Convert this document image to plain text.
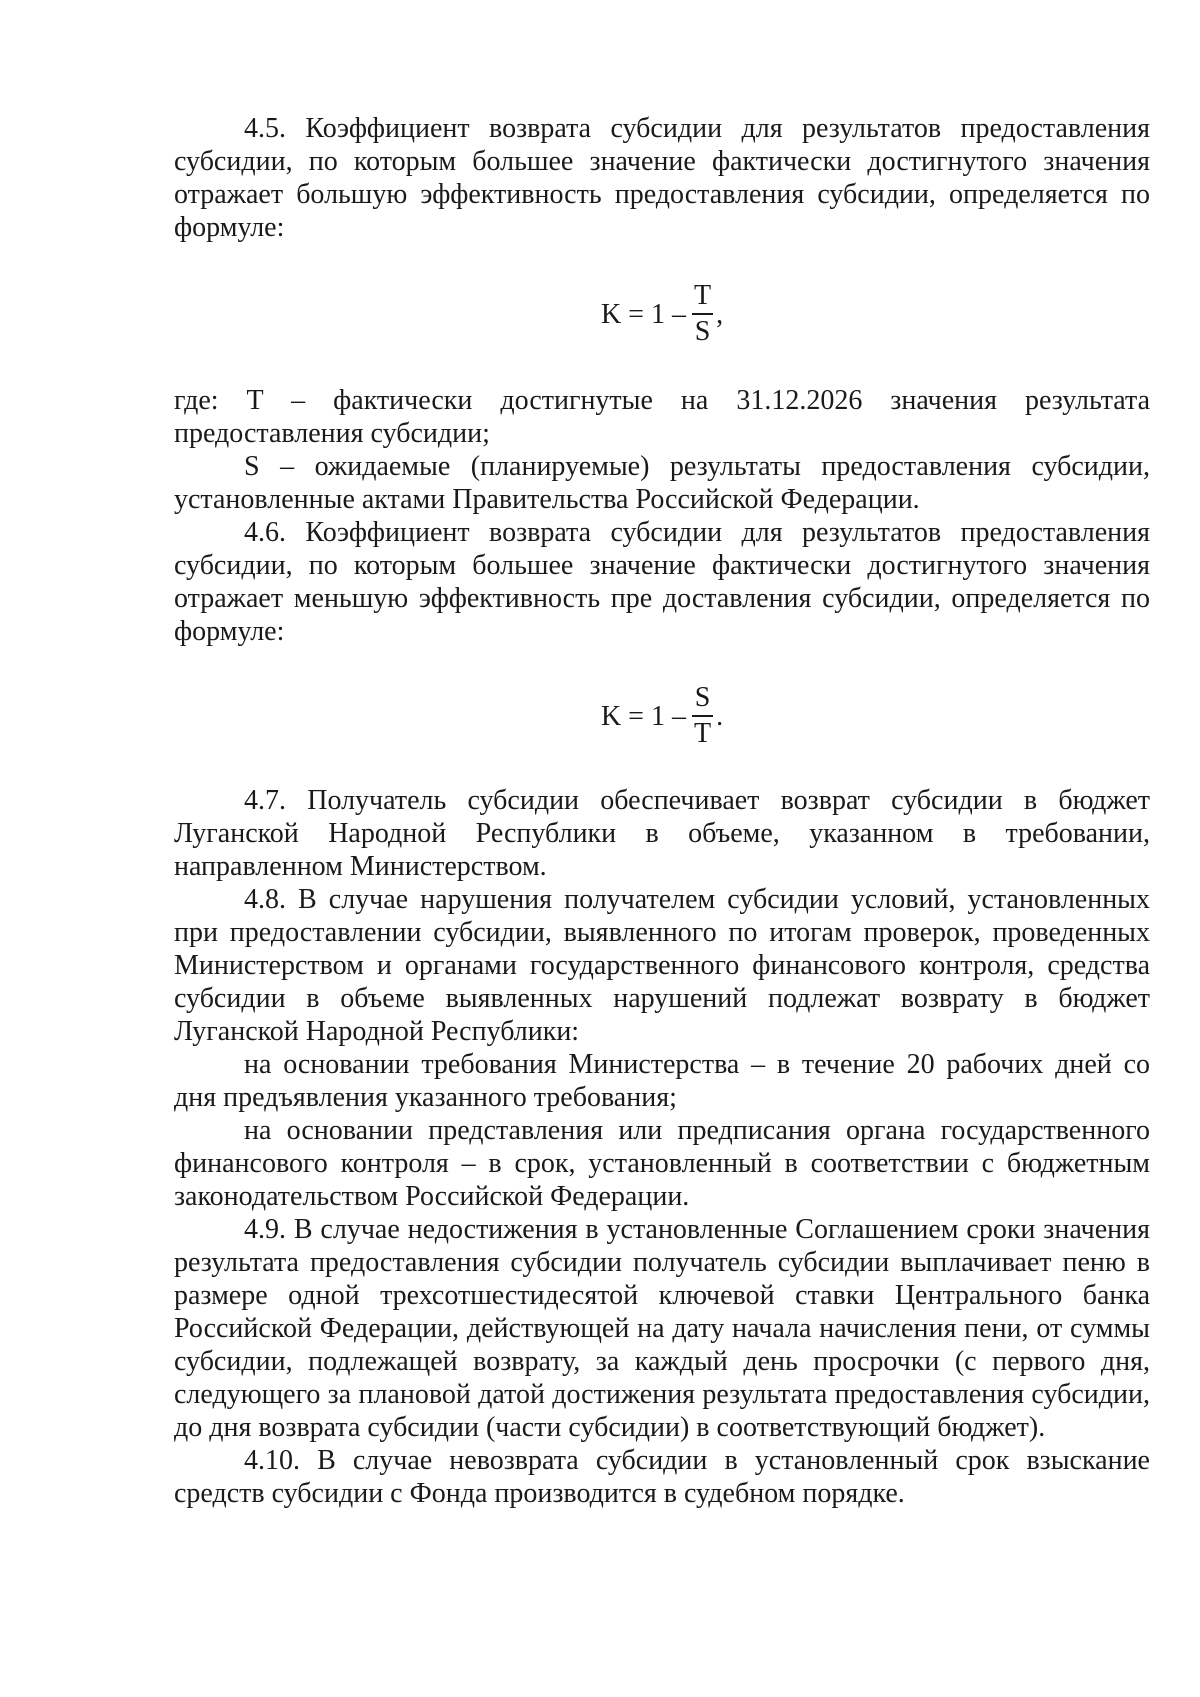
4.5. Коэффициент возврата субсидии для результатов предоставления субсидии, по которым большее значение фактически достигнутого значения отражает большую эффективность предоставления субсидии, определяется по формуле:

$K = 1 - \frac{T}{S}$ ,

где: T – фактически достигнутые на 31.12.2026 значения результата предоставления субсидии;

S – ожидаемые (планируемые) результаты предоставления субсидии, установленные актами Правительства Российской Федерации.

4.6. Коэффициент возврата субсидии для результатов предоставления субсидии, по которым большее значение фактически достигнутого значения отражает меньшую эффективность пре доставления субсидии, определяется по формуле:

$K = 1 - \frac{S}{T}$ .

4.7. Получатель субсидии обеспечивает возврат субсидии в бюджет Луганской Народной Республики в объеме, указанном в требовании, направленном Министерством.

4.8. В случае нарушения получателем субсидии условий, установленных при предоставлении субсидии, выявленного по итогам проверок, проведенных Министерством и органами государственного финансового контроля, средства субсидии в объеме выявленных нарушений подлежат возврату в бюджет Луганской Народной Республики:

на основании требования Министерства – в течение 20 рабочих дней со дня предъявления указанного требования;

на основании представления или предписания органа государственного финансового контроля – в срок, установленный в соответствии с бюджетным законодательством Российской Федерации.

4.9. В случае недостижения в установленные Соглашением сроки значения результата предоставления субсидии получатель субсидии выплачивает пеню в размере одной трехсотшестидесятой ключевой ставки Центрального банка Российской Федерации, действующей на дату начала начисления пени, от суммы субсидии, подлежащей возврату, за каждый день просрочки (с первого дня, следующего за плановой датой достижения результата предоставления субсидии, до дня возврата субсидии (части субсидии) в соответствующий бюджет).

4.10. В случае невозврата субсидии в установленный срок взыскание средств субсидии с Фонда производится в судебном порядке.
